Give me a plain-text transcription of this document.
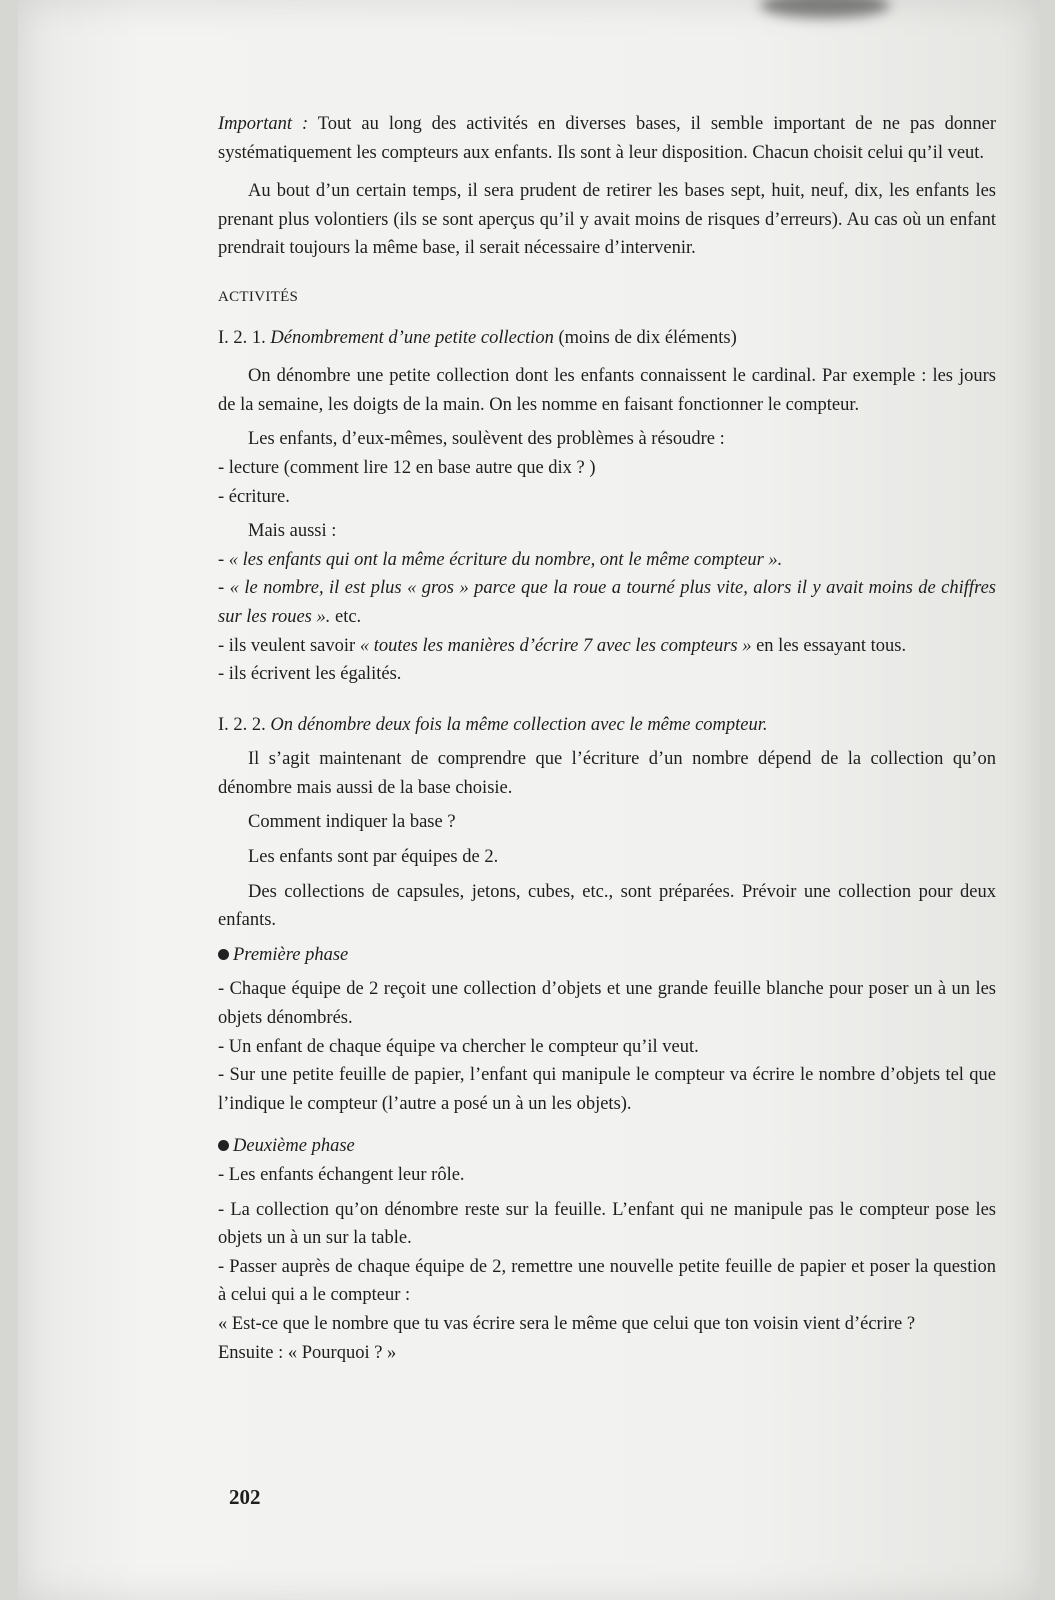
Important : Tout au long des activités en diverses bases, il semble important de ne pas donner systématiquement les compteurs aux enfants. Ils sont à leur disposition. Chacun choisit celui qu’il veut.

Au bout d’un certain temps, il sera prudent de retirer les bases sept, huit, neuf, dix, les enfants les prenant plus volontiers (ils se sont aperçus qu’il y avait moins de risques d’erreurs). Au cas où un enfant prendrait toujours la même base, il serait nécessaire d’intervenir.

ACTIVITÉS

I. 2. 1. Dénombrement d’une petite collection (moins de dix éléments)

On dénombre une petite collection dont les enfants connaissent le cardinal. Par exemple : les jours de la semaine, les doigts de la main. On les nomme en faisant fonctionner le compteur.

Les enfants, d’eux-mêmes, soulèvent des problèmes à résoudre :

- lecture (comment lire 12 en base autre que dix ? )

- écriture.

Mais aussi :

- « les enfants qui ont la même écriture du nombre, ont le même compteur ».

- « le nombre, il est plus « gros » parce que la roue a tourné plus vite, alors il y avait moins de chiffres sur les roues ». etc.

- ils veulent savoir « toutes les manières d’écrire 7 avec les compteurs » en les essayant tous.

- ils écrivent les égalités.

I. 2. 2. On dénombre deux fois la même collection avec le même compteur.

Il s’agit maintenant de comprendre que l’écriture d’un nombre dépend de la collection qu’on dénombre mais aussi de la base choisie.

Comment indiquer la base ?

Les enfants sont par équipes de 2.

Des collections de capsules, jetons, cubes, etc., sont préparées. Prévoir une collection pour deux enfants.

Première phase

- Chaque équipe de 2 reçoit une collection d’objets et une grande feuille blanche pour poser un à un les objets dénombrés.

- Un enfant de chaque équipe va chercher le compteur qu’il veut.

- Sur une petite feuille de papier, l’enfant qui manipule le compteur va écrire le nombre d’objets tel que l’indique le compteur (l’autre a posé un à un les objets).

Deuxième phase

- Les enfants échangent leur rôle.

- La collection qu’on dénombre reste sur la feuille. L’enfant qui ne manipule pas le compteur pose les objets un à un sur la table.

- Passer auprès de chaque équipe de 2, remettre une nouvelle petite feuille de papier et poser la question à celui qui a le compteur :

« Est-ce que le nombre que tu vas écrire sera le même que celui que ton voisin vient d’écrire ?

Ensuite : « Pourquoi ? »

202
